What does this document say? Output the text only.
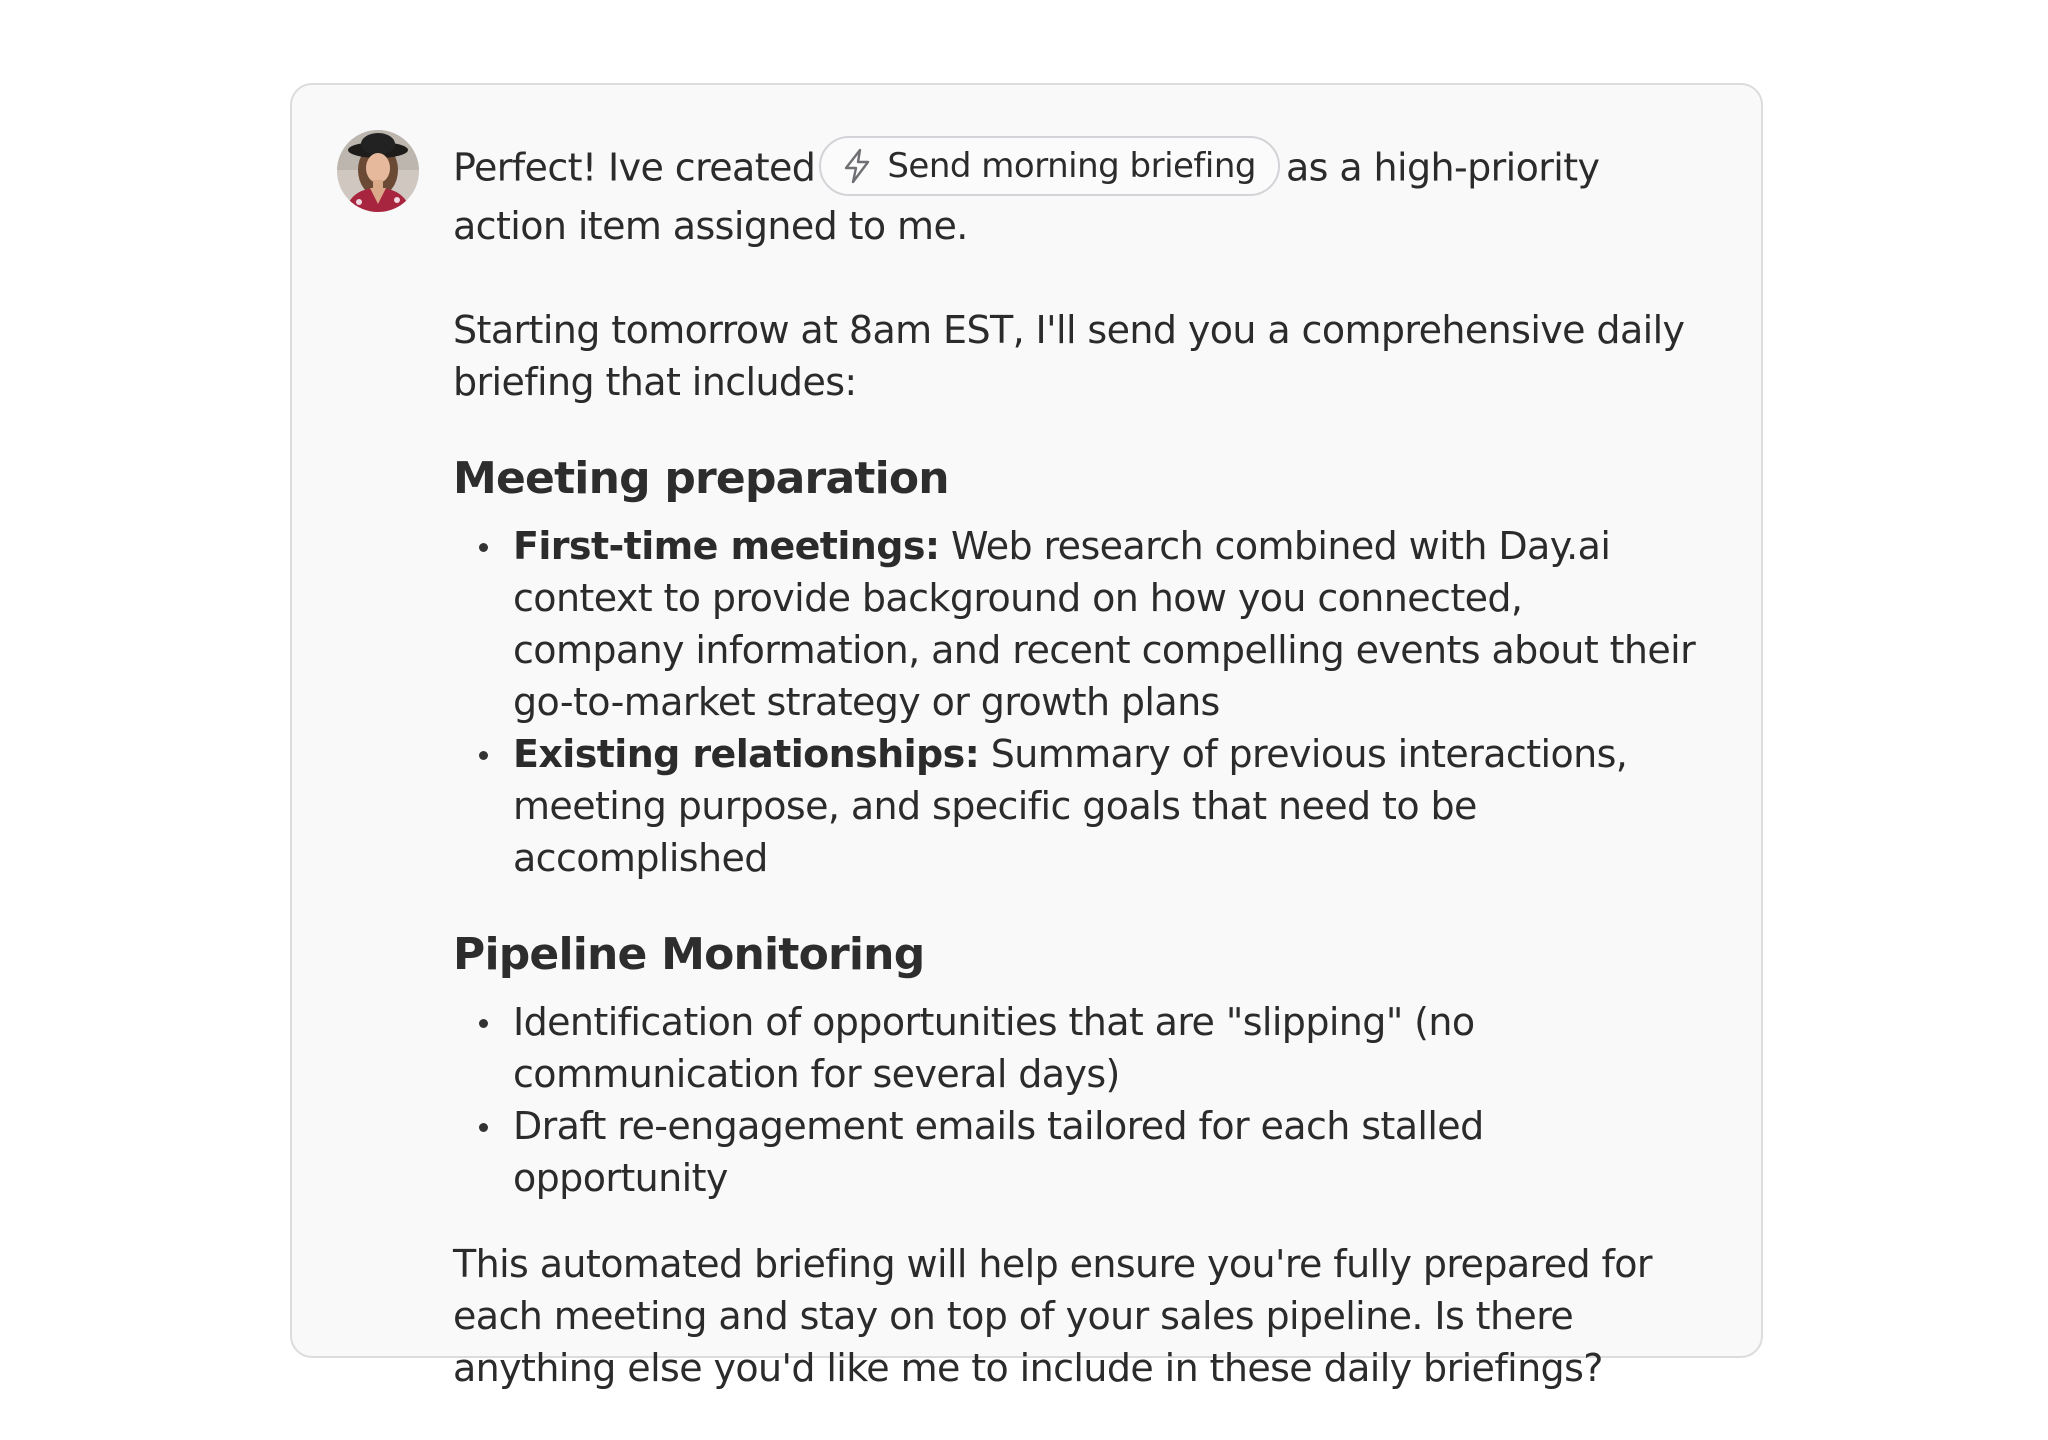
Perfect! Ive created Send morning briefing as a high-priority action item assigned to me.

Starting tomorrow at 8am EST, I'll send you a comprehensive daily briefing that includes:

Meeting preparation
First-time meetings: Web research combined with Day.ai context to provide background on how you connected, company information, and recent compelling events about their go-to-market strategy or growth plans
Existing relationships: Summary of previous interactions, meeting purpose, and specific goals that need to be accomplished
Pipeline Monitoring
Identification of opportunities that are "slipping" (no communication for several days)
Draft re-engagement emails tailored for each stalled opportunity

This automated briefing will help ensure you're fully prepared for each meeting and stay on top of your sales pipeline. Is there anything else you'd like me to include in these daily briefings?
